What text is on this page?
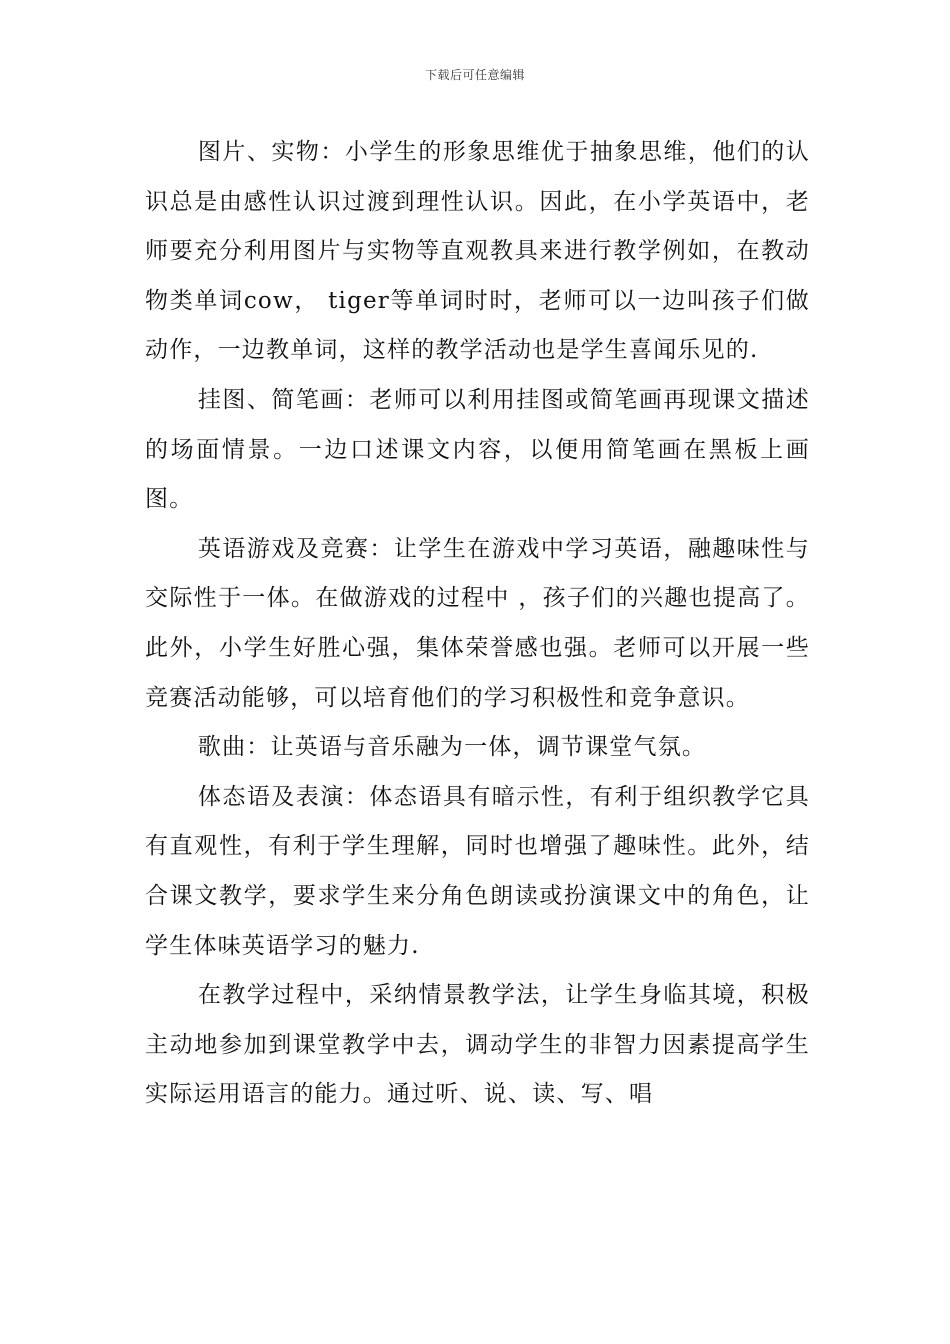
下载后可任意编辑

图片、实物：小学生的形象思维优于抽象思维，他们的认识总是由感性认识过渡到理性认识。因此，在小学英语中，老师要充分利用图片与实物等直观教具来进行教学例如，在教动物类单词cow， tiger等单词时时，老师可以一边叫孩子们做动作，一边教单词，这样的教学活动也是学生喜闻乐见的.

挂图、简笔画：老师可以利用挂图或简笔画再现课文描述的场面情景。一边口述课文内容，以便用简笔画在黑板上画图。

英语游戏及竞赛：让学生在游戏中学习英语，融趣味性与交际性于一体。在做游戏的过程中 ，孩子们的兴趣也提高了。此外，小学生好胜心强，集体荣誉感也强。老师可以开展一些竞赛活动能够，可以培育他们的学习积极性和竞争意识。

歌曲：让英语与音乐融为一体，调节课堂气氛。

体态语及表演：体态语具有暗示性，有利于组织教学它具有直观性，有利于学生理解，同时也增强了趣味性。此外，结合课文教学，要求学生来分角色朗读或扮演课文中的角色，让学生体味英语学习的魅力.

在教学过程中，采纳情景教学法，让学生身临其境，积极主动地参加到课堂教学中去，调动学生的非智力因素提高学生实际运用语言的能力。通过听、说、读、写、唱
